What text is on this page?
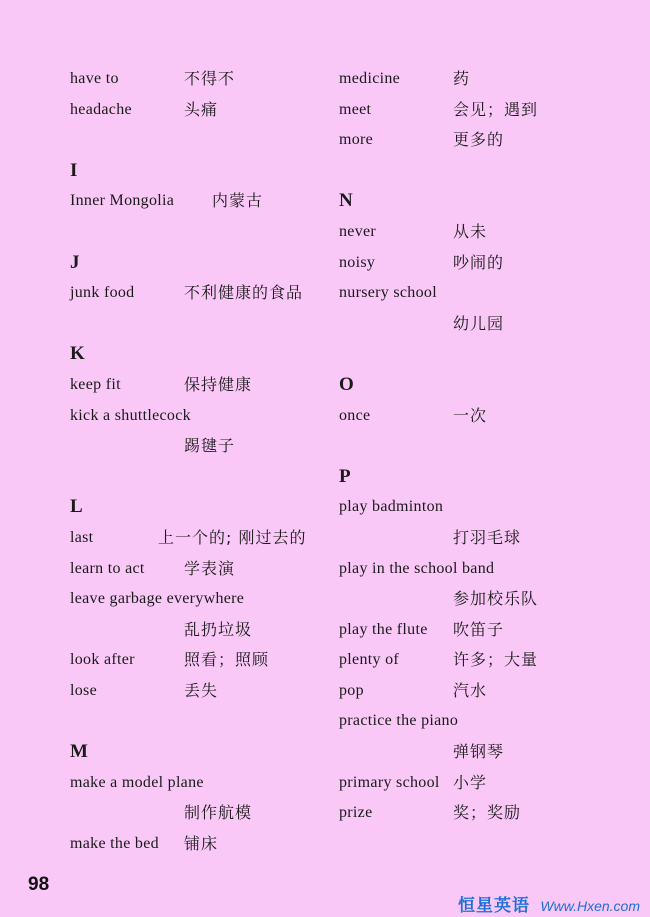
have to	不得不
headache	头痛
I
Inner Mongolia 内蒙古
J
junk food	不利健康的食品
K
keep fit	保持健康
kick a shuttlecock
踢毽子
L
last	上一个的; 刚过去的
learn to act 学表演
leave garbage everywhere
乱扔垃圾
look after	照看；照顾
lose	丢失
M
make a model plane
制作航模
make the bed 铺床
medicine	药
meet	会见；遇到
more	更多的
N
never	从未
noisy	吵闹的
nursery school
幼儿园
O
once	一次
P
play badminton
打羽毛球
play in the school band
参加校乐队
play the flute 吹笛子
plenty of	许多；大量
pop	汽水
practice the piano
弹钢琴
primary school 小学
prize	奖；奖励
98
恒星英语 Www.Hxen.com
